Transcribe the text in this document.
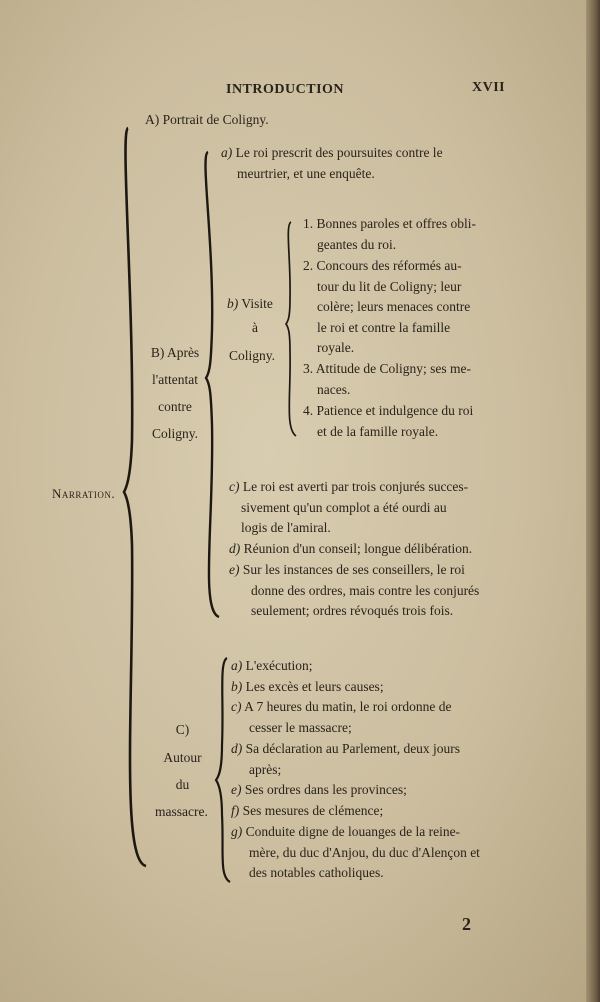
INTRODUCTION	XVII
A) Portrait de Coligny.
Narration.
B) Après
l'attentat
contre
Coligny.
a) Le roi prescrit des poursuites contre le
meurtrier, et une enquête.
b) Visite
à
Coligny.
1. Bonnes paroles et offres obli-
geantes du roi.
2. Concours des réformés au-
tour du lit de Coligny; leur
colère; leurs menaces contre
le roi et contre la famille
royale.
3. Attitude de Coligny; ses me-
naces.
4. Patience et indulgence du roi
et de la famille royale.
c) Le roi est averti par trois conjurés succes-
sivement qu'un complot a été ourdi au
logis de l'amiral.
d) Réunion d'un conseil; longue délibération.
e) Sur les instances de ses conseillers, le roi
donne des ordres, mais contre les conjurés
seulement; ordres révoqués trois fois.
C)
Autour
du
massacre.
a) L'exécution;
b) Les excès et leurs causes;
c) A 7 heures du matin, le roi ordonne de
cesser le massacre;
d) Sa déclaration au Parlement, deux jours
après;
e) Ses ordres dans les provinces;
f) Ses mesures de clémence;
g) Conduite digne de louanges de la reine-
mère, du duc d'Anjou, du duc d'Alençon et
des notables catholiques.
2
